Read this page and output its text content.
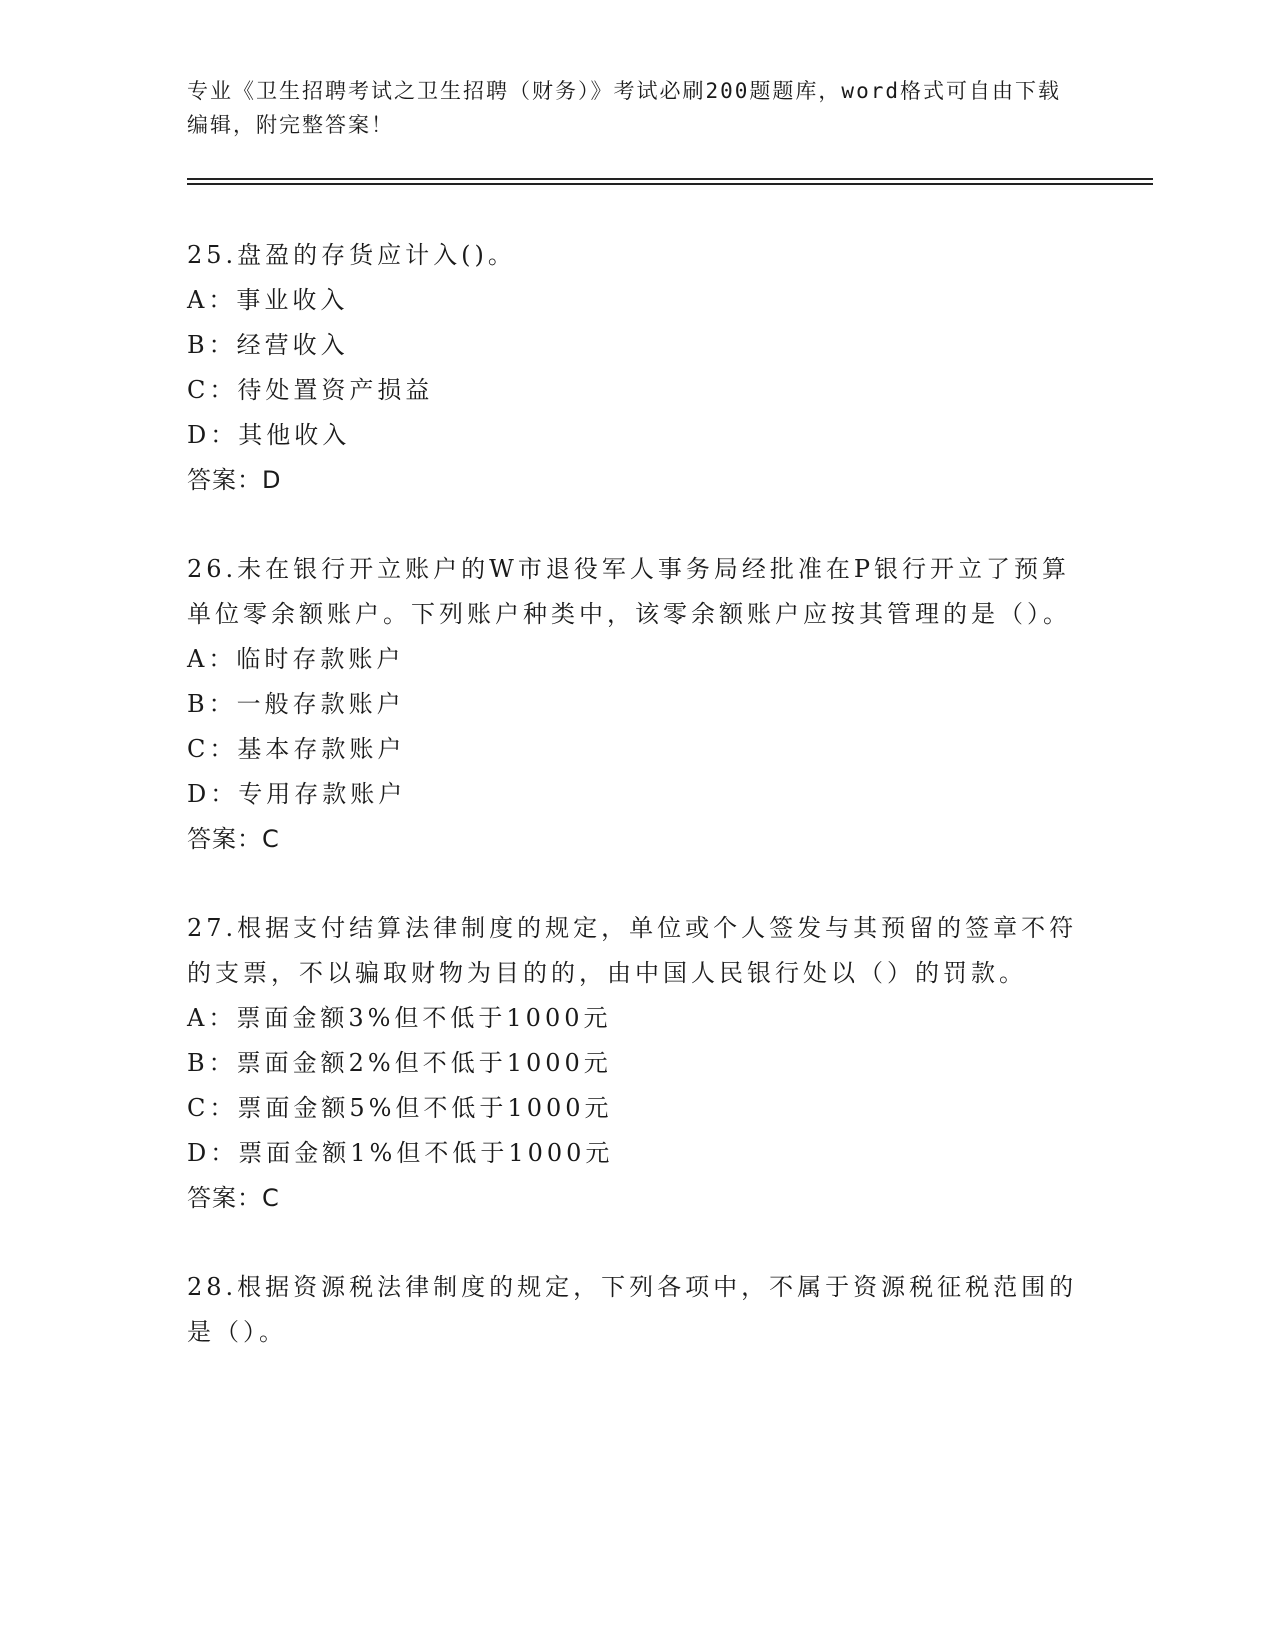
专业《卫生招聘考试之卫生招聘（财务）》考试必刷200题题库，word格式可自由下载编辑，附完整答案！
25.盘盈的存货应计入()。
A：事业收入
B：经营收入
C：待处置资产损益
D：其他收入
答案：D
26.未在银行开立账户的W市退役军人事务局经批准在P银行开立了预算单位零余额账户。下列账户种类中，该零余额账户应按其管理的是（）。
A：临时存款账户
B：一般存款账户
C：基本存款账户
D：专用存款账户
答案：C
27.根据支付结算法律制度的规定，单位或个人签发与其预留的签章不符的支票，不以骗取财物为目的的，由中国人民银行处以（）的罚款。
A：票面金额3%但不低于1000元
B：票面金额2%但不低于1000元
C：票面金额5%但不低于1000元
D：票面金额1%但不低于1000元
答案：C
28.根据资源税法律制度的规定，下列各项中，不属于资源税征税范围的是（）。
